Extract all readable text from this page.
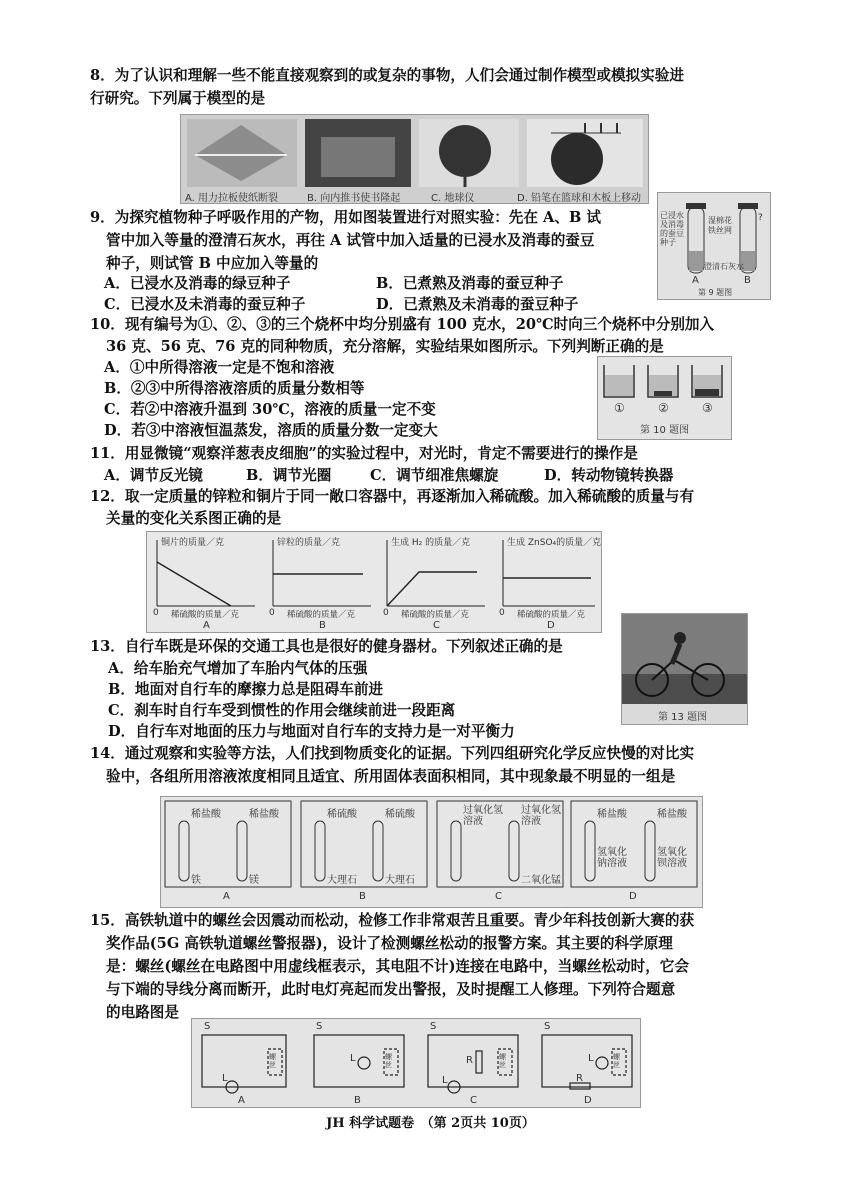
8．为了认识和理解一些不能直接观察到的或复杂的事物，人们会通过制作模型或模拟实验进
行研究。下列属于模型的是
A. 用力拉板使纸断裂	B. 向内推书使书隆起	C. 地球仪	D. 铅笔在篮球和木板上移动
9．为探究植物种子呼吸作用的产物，用如图装置进行对照实验：先在 A、B 试
管中加入等量的澄清石灰水，再往 A 试管中加入适量的已浸水及消毒的蚕豆
种子，则试管 B 中应加入等量的
A．已浸水及消毒的绿豆种子	B．已煮熟及消毒的蚕豆种子
C．已浸水及未消毒的蚕豆种子	D．已煮熟及未消毒的蚕豆种子
已浸水及消毒的蚕豆种子
湿棉花
铁丝网
?
澄清石灰水
A	B
第 9 题图
10．现有编号为①、②、③的三个烧杯中均分别盛有 100 克水，20℃时向三个烧杯中分别加入
36 克、56 克、76 克的同种物质，充分溶解，实验结果如图所示。下列判断正确的是
A．①中所得溶液一定是不饱和溶液
B．②③中所得溶液溶质的质量分数相等
C．若②中溶液升温到 30℃，溶液的质量一定不变
D．若③中溶液恒温蒸发，溶质的质量分数一定变大
①	②	③
第 10 题图
11．用显微镜“观察洋葱表皮细胞”的实验过程中，对光时，肯定不需要进行的操作是
A．调节反光镜	B．调节光圈	C．调节细准焦螺旋	D．转动物镜转换器
12．取一定质量的锌粒和铜片于同一敞口容器中，再逐渐加入稀硫酸。加入稀硫酸的质量与有
关量的变化关系图正确的是
铜片的质量／克	锌粒的质量／克	生成 H₂ 的质量／克	生成 ZnSO₄的质量／克
0	0	0	0
稀硫酸的质量／克	稀硫酸的质量／克	稀硫酸的质量／克	稀硫酸的质量／克
A	B	C	D
13．自行车既是环保的交通工具也是很好的健身器材。下列叙述正确的是
A．给车胎充气增加了车胎内气体的压强
B．地面对自行车的摩擦力总是阻碍车前进
C．刹车时自行车受到惯性的作用会继续前进一段距离
D．自行车对地面的压力与地面对自行车的支持力是一对平衡力
第 13 题图
14．通过观察和实验等方法，人们找到物质变化的证据。下列四组研究化学反应快慢的对比实
验中，各组所用溶液浓度相同且适宜、所用固体表面积相同，其中现象最不明显的一组是
稀盐酸	稀盐酸
铁	镁
A
稀硫酸	稀硫酸
大理石	大理石
B
过氧化氢溶液
过氧化氢溶液
二氧化锰
C
稀盐酸	稀盐酸
氢氧化钠溶液
氢氧化钡溶液
D
15．高铁轨道中的螺丝会因震动而松动，检修工作非常艰苦且重要。青少年科技创新大赛的获
奖作品(5G 高铁轨道螺丝警报器)，设计了检测螺丝松动的报警方案。其主要的科学原理
是：螺丝(螺丝在电路图中用虚线框表示，其电阻不计)连接在电路中，当螺丝松动时，它会
与下端的导线分离而断开，此时电灯亮起而发出警报，及时提醒工人修理。下列符合题意
的电路图是
S
L
S
L
S
R
L
S
R
L
螺丝
螺丝
螺丝
螺丝
A	B	C	D
JH 科学试题卷　（第 2页共 10页）
